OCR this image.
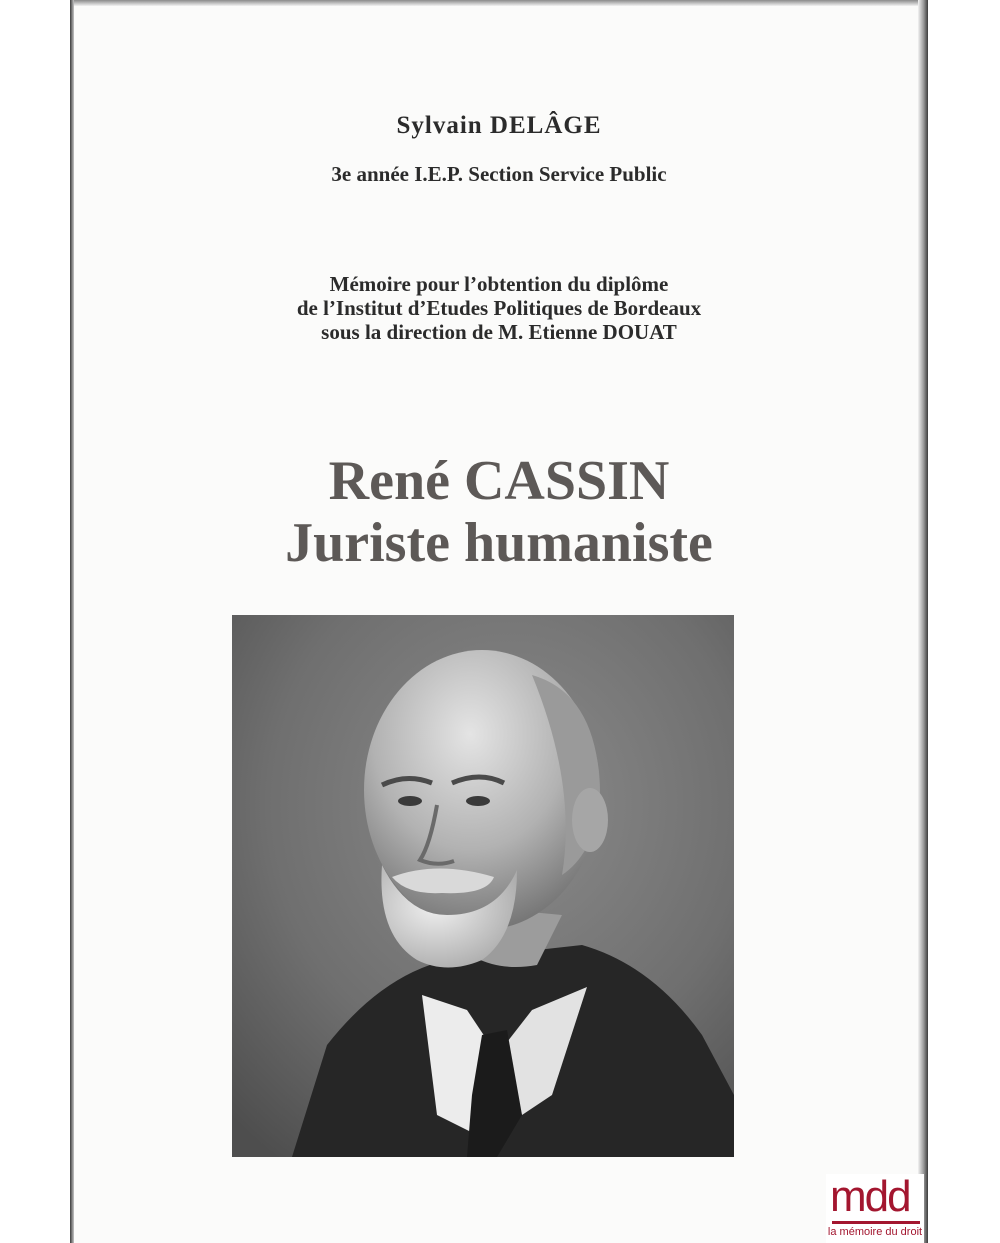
Sylvain DELÂGE
3e année I.E.P. Section Service Public
Mémoire pour l’obtention du diplôme
de l’Institut d’Etudes Politiques de Bordeaux
sous la direction de M. Etienne DOUAT
René CASSIN
Juriste humaniste
mdd
la mémoire du droit
